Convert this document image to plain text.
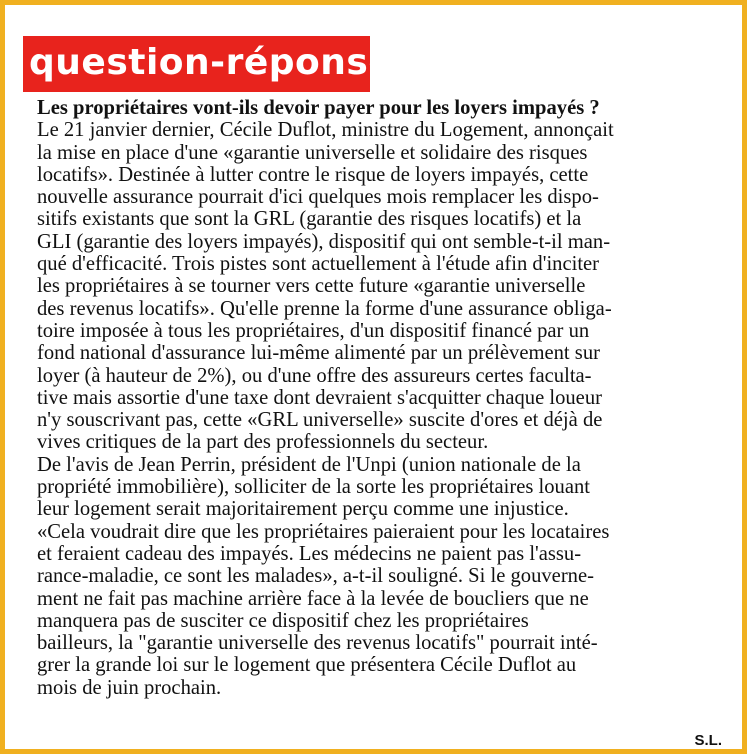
question-réponse
Les propriétaires vont-ils devoir payer pour les loyers impayés ?
Le 21 janvier dernier, Cécile Duflot, ministre du Logement, annonçait
la mise en place d'une «garantie universelle et solidaire des risques
locatifs». Destinée à lutter contre le risque de loyers impayés, cette
nouvelle assurance pourrait d'ici quelques mois remplacer les dispo-
sitifs existants que sont la GRL (garantie des risques locatifs) et la
GLI (garantie des loyers impayés), dispositif qui ont semble-t-il man-
qué d'efficacité. Trois pistes sont actuellement à l'étude afin d'inciter
les propriétaires à se tourner vers cette future «garantie universelle
des revenus locatifs». Qu'elle prenne la forme d'une assurance obliga-
toire imposée à tous les propriétaires, d'un dispositif financé par un
fond national d'assurance lui-même alimenté par un prélèvement sur
loyer (à hauteur de 2%), ou d'une offre des assureurs certes faculta-
tive mais assortie d'une taxe dont devraient s'acquitter chaque loueur
n'y souscrivant pas, cette «GRL universelle» suscite d'ores et déjà de
vives critiques de la part des professionnels du secteur.
De l'avis de Jean Perrin, président de l'Unpi (union nationale de la
propriété immobilière), solliciter de la sorte les propriétaires louant
leur logement serait majoritairement perçu comme une injustice.
«Cela voudrait dire que les propriétaires paieraient pour les locataires
et feraient cadeau des impayés. Les médecins ne paient pas l'assu-
rance-maladie, ce sont les malades», a-t-il souligné. Si le gouverne-
ment ne fait pas machine arrière face à la levée de boucliers que ne
manquera pas de susciter ce dispositif chez les propriétaires
bailleurs, la "garantie universelle des revenus locatifs" pourrait inté-
grer la grande loi sur le logement que présentera Cécile Duflot au
mois de juin prochain.
S.L.
